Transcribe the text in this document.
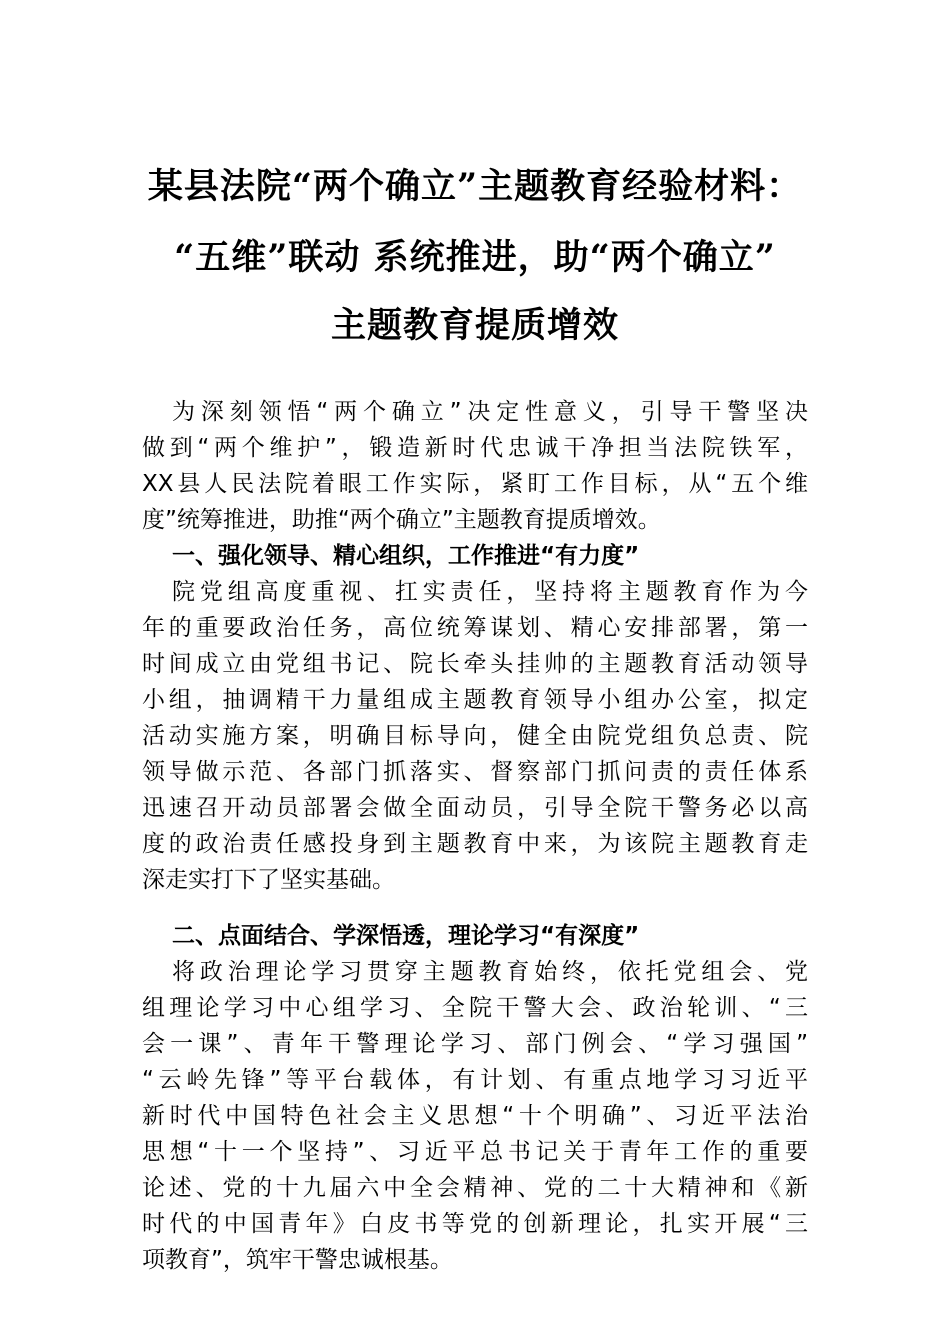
某县法院“两个确立”主题教育经验材料：
“五维”联动 系统推进，助“两个确立”
主题教育提质增效
为深刻领悟“两个确立”决定性意义，引导干警坚决
做到“两个维护”，锻造新时代忠诚干净担当法院铁军，
XX县人民法院着眼工作实际，紧盯工作目标，从“五个维
度”统筹推进，助推“两个确立”主题教育提质增效。
一、强化领导、精心组织，工作推进“有力度”
院党组高度重视、扛实责任，坚持将主题教育作为今
年的重要政治任务，高位统筹谋划、精心安排部署，第一
时间成立由党组书记、院长牵头挂帅的主题教育活动领导
小组，抽调精干力量组成主题教育领导小组办公室，拟定
活动实施方案，明确目标导向，健全由院党组负总责、院
领导做示范、各部门抓落实、督察部门抓问责的责任体系
迅速召开动员部署会做全面动员，引导全院干警务必以高
度的政治责任感投身到主题教育中来，为该院主题教育走
深走实打下了坚实基础。
二、点面结合、学深悟透，理论学习“有深度”
将政治理论学习贯穿主题教育始终，依托党组会、党
组理论学习中心组学习、全院干警大会、政治轮训、“三
会一课”、青年干警理论学习、部门例会、“学习强国”
“云岭先锋”等平台载体，有计划、有重点地学习习近平
新时代中国特色社会主义思想“十个明确”、习近平法治
思想“十一个坚持”、习近平总书记关于青年工作的重要
论述、党的十九届六中全会精神、党的二十大精神和《新
时代的中国青年》白皮书等党的创新理论，扎实开展“三
项教育”，筑牢干警忠诚根基。
